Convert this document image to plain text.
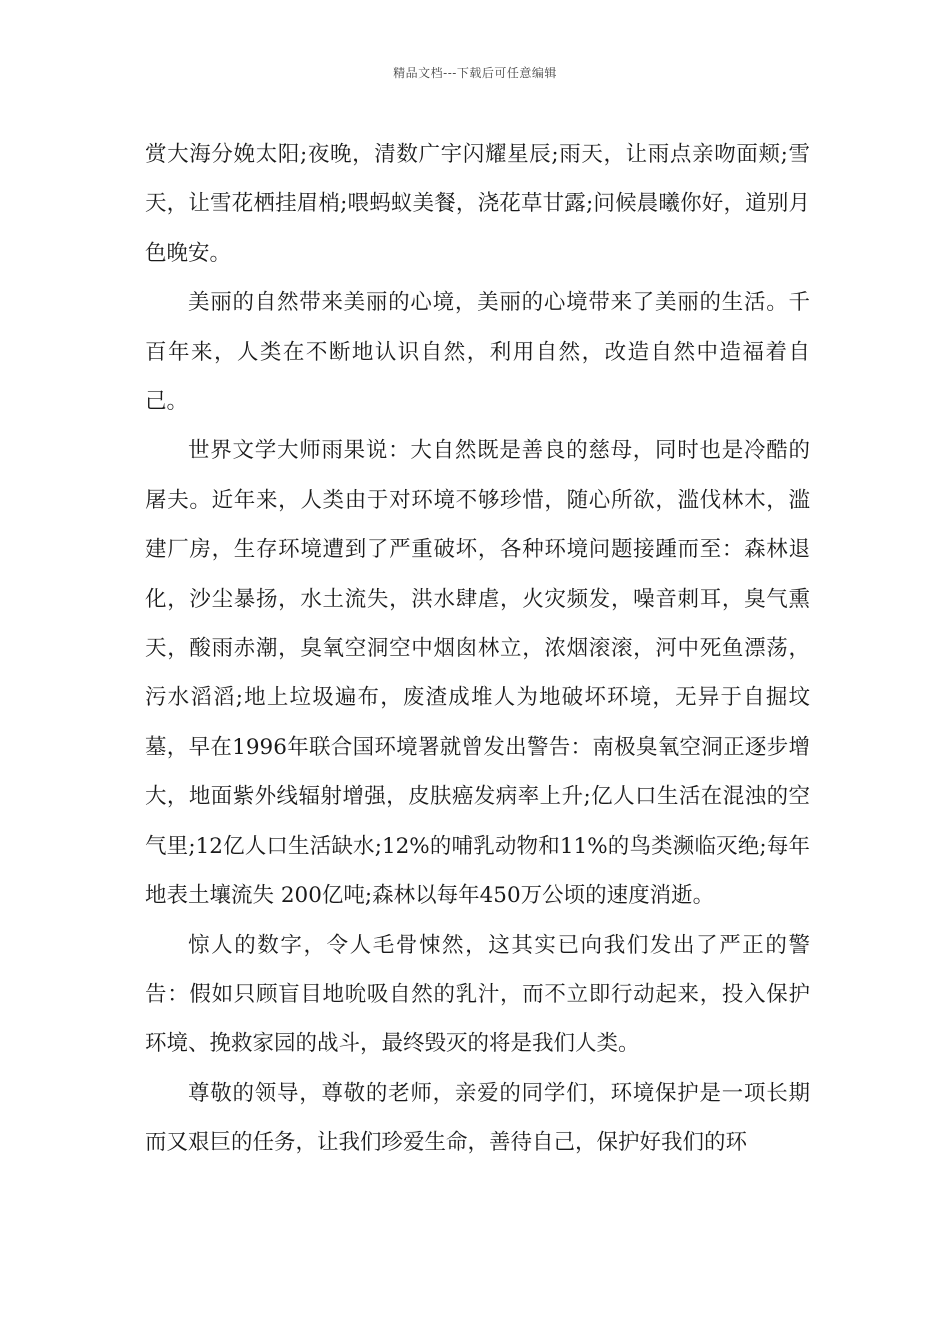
精品文档---下载后可任意编辑

赏大海分娩太阳;夜晚，清数广宇闪耀星辰;雨天，让雨点亲吻面颊;雪天，让雪花栖挂眉梢;喂蚂蚁美餐，浇花草甘露;问候晨曦你好，道别月色晚安。

美丽的自然带来美丽的心境，美丽的心境带来了美丽的生活。千百年来，人类在不断地认识自然，利用自然，改造自然中造福着自己。

世界文学大师雨果说：大自然既是善良的慈母，同时也是冷酷的屠夫。近年来，人类由于对环境不够珍惜，随心所欲，滥伐林木，滥建厂房，生存环境遭到了严重破坏，各种环境问题接踵而至：森林退化，沙尘暴扬，水土流失，洪水肆虐，火灾频发，噪音刺耳，臭气熏天，酸雨赤潮，臭氧空洞空中烟囱林立，浓烟滚滚，河中死鱼漂荡，污水滔滔;地上垃圾遍布，废渣成堆人为地破坏环境，无异于自掘坟墓，早在1996年联合国环境署就曾发出警告：南极臭氧空洞正逐步增大，地面紫外线辐射增强，皮肤癌发病率上升;亿人口生活在混浊的空气里;12亿人口生活缺水;12%的哺乳动物和11%的鸟类濒临灭绝;每年地表土壤流失 200亿吨;森林以每年450万公顷的速度消逝。

惊人的数字，令人毛骨悚然，这其实已向我们发出了严正的警告：假如只顾盲目地吮吸自然的乳汁，而不立即行动起来，投入保护环境、挽救家园的战斗，最终毁灭的将是我们人类。

尊敬的领导，尊敬的老师，亲爱的同学们，环境保护是一项长期而又艰巨的任务，让我们珍爱生命，善待自己，保护好我们的环
